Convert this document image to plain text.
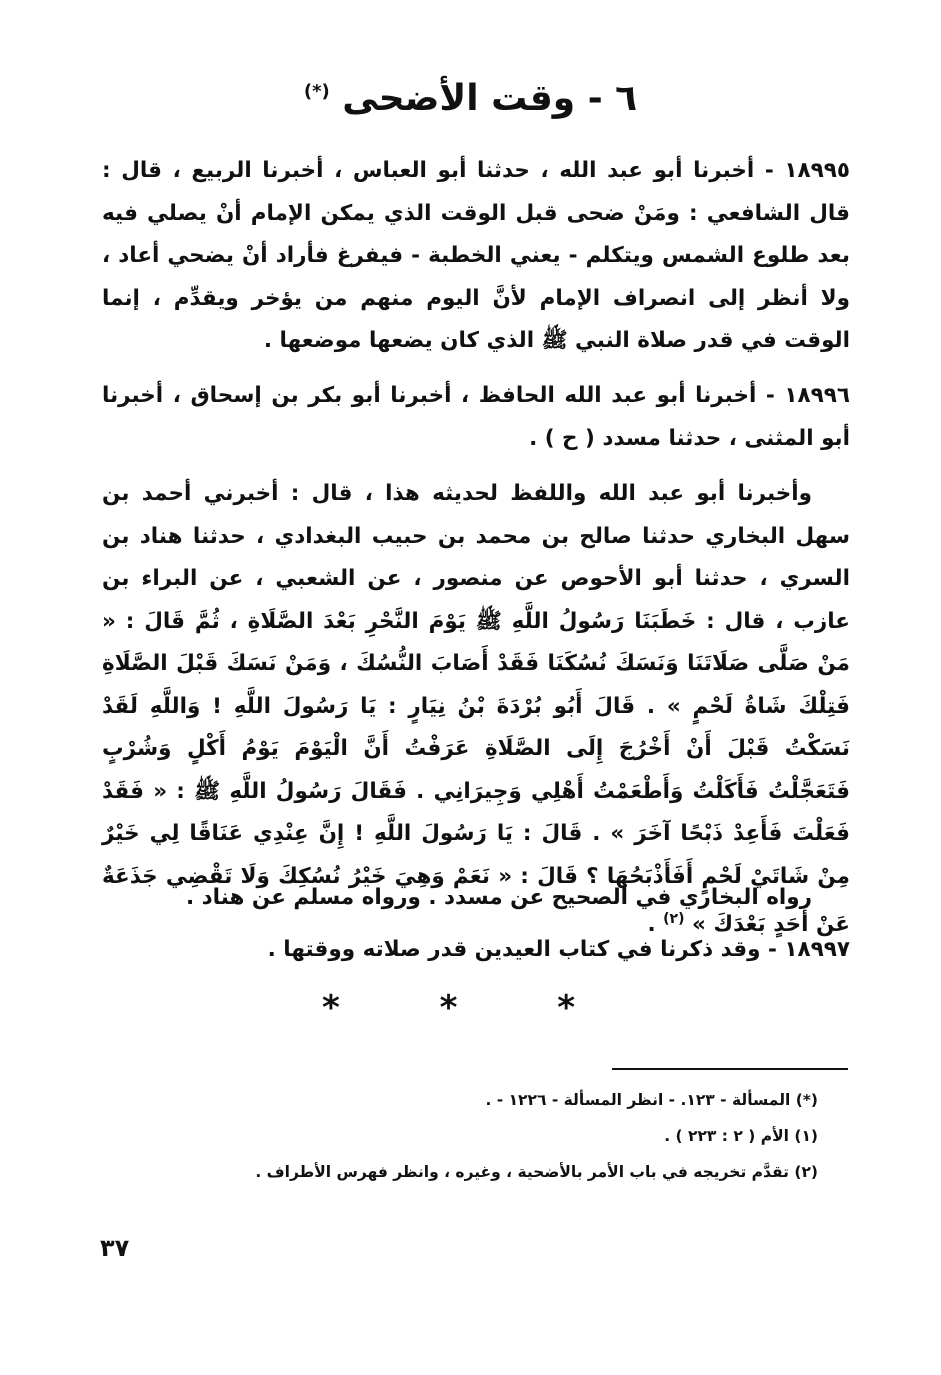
٦ - وقت الأضحى (*)

١٨٩٩٥ - أخبرنا أبو عبد الله ، حدثنا أبو العباس ، أخبرنا الربيع ، قال : قال الشافعي : ومَنْ ضحى قبل الوقت الذي يمكن الإمام أنْ يصلي فيه بعد طلوع الشمس ويتكلم - يعني الخطبة - فيفرغ فأراد أنْ يضحي أعاد ، ولا أنظر إلى انصراف الإمام لأنَّ اليوم منهم من يؤخر ويقدِّم ، إنما الوقت في قدر صلاة النبي ﷺ الذي كان يضعها موضعها .

١٨٩٩٦ - أخبرنا أبو عبد الله الحافظ ، أخبرنا أبو بكر بن إسحاق ، أخبرنا أبو المثنى ، حدثنا مسدد ( ح ) .

وأخبرنا أبو عبد الله واللفظ لحديثه هذا ، قال : أخبرني أحمد بن سهل البخاري حدثنا صالح بن محمد بن حبيب البغدادي ، حدثنا هناد بن السري ، حدثنا أبو الأحوص عن منصور ، عن الشعبي ، عن البراء بن عازب ، قال : خَطَبَنَا رَسُولُ اللَّهِ ﷺ يَوْمَ النَّحْرِ بَعْدَ الصَّلَاةِ ، ثُمَّ قَالَ : « مَنْ صَلَّى صَلَاتَنَا وَنَسَكَ نُسُكَنَا فَقَدْ أَصَابَ النُّسُكَ ، وَمَنْ نَسَكَ قَبْلَ الصَّلَاةِ فَتِلْكَ شَاةُ لَحْمٍ » . قَالَ أَبُو بُرْدَةَ بْنُ نِيَارٍ : يَا رَسُولَ اللَّهِ ! وَاللَّهِ لَقَدْ نَسَكْتُ قَبْلَ أَنْ أَخْرُجَ إِلَى الصَّلَاةِ عَرَفْتُ أَنَّ الْيَوْمَ يَوْمُ أَكْلٍ وَشُرْبٍ فَتَعَجَّلْتُ فَأَكَلْتُ وَأَطْعَمْتُ أَهْلِي وَجِيرَانِي . فَقَالَ رَسُولُ اللَّهِ ﷺ : « فَقَدْ فَعَلْتَ فَأَعِدْ ذَبْحًا آخَرَ » . قَالَ : يَا رَسُولَ اللَّهِ ! إِنَّ عِنْدِي عَنَاقًا لِي خَيْرٌ مِنْ شَاتَيْ لَحْمٍ أَفَأَذْبَحُهَا ؟ قَالَ : « نَعَمْ وَهِيَ خَيْرُ نُسُكِكَ وَلَا تَقْضِي جَذَعَةٌ عَنْ أَحَدٍ بَعْدَكَ » $^{(٢)}$ .

رواه البخاري في الصحيح عن مسدد . ورواه مسلم عن هناد .

١٨٩٩٧ - وقد ذكرنا في كتاب العيدين قدر صلاته ووقتها .

* * *
(*) المسألة - ١٢٣. - انظر المسألة - ١٢٢٦ - .
(١) الأم ( ٢ : ٢٢٣ ) .
(٢) تقدَّم تخريجه في باب الأمر بالأضحية ، وغيره ، وانظر فهرس الأطراف .
٣٧
